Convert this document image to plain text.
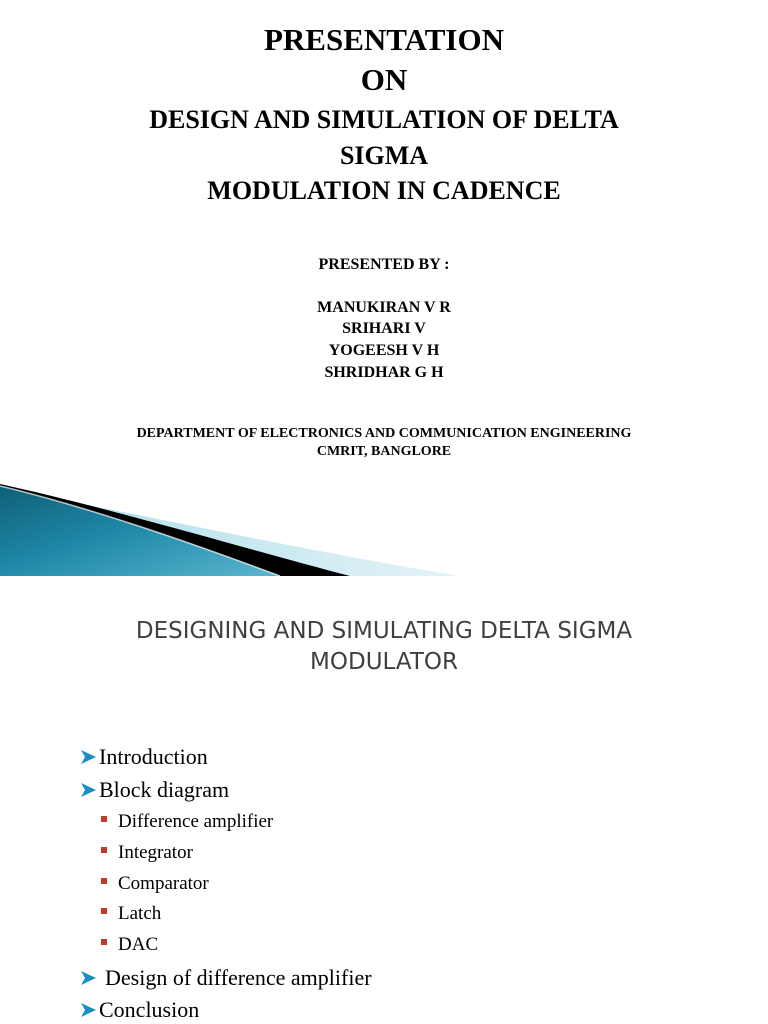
PRESENTATION
ON
DESIGN AND SIMULATION OF DELTA
SIGMA
MODULATION IN CADENCE
PRESENTED BY :
MANUKIRAN V R
SRIHARI V
YOGEESH V H
SHRIDHAR G H
DEPARTMENT OF ELECTRONICS AND COMMUNICATION ENGINEERING
CMRIT, BANGLORE
DESIGNING AND SIMULATING DELTA SIGMA
MODULATOR
Introduction
Block diagram
Difference amplifier
Integrator
Comparator
Latch
DAC
Design of difference amplifier
Conclusion
